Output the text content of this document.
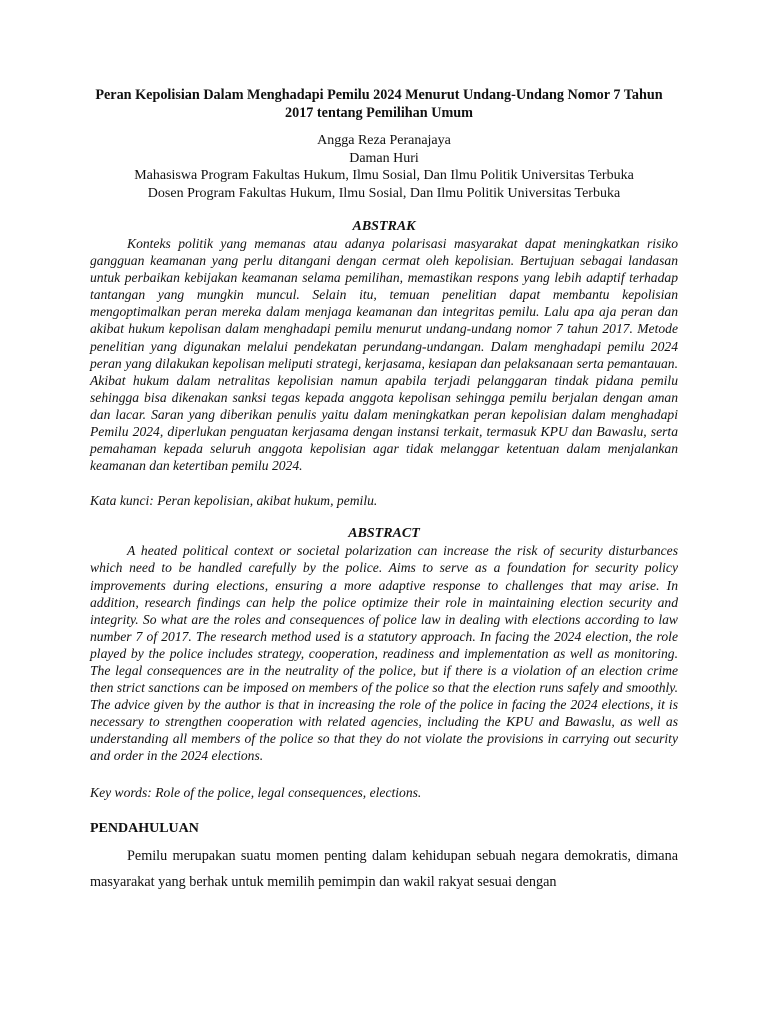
Peran Kepolisian Dalam Menghadapi Pemilu 2024 Menurut Undang-Undang Nomor 7 Tahun 2017 tentang Pemilihan Umum
Angga Reza Peranajaya
Daman Huri
Mahasiswa Program Fakultas Hukum, Ilmu Sosial, Dan Ilmu Politik Universitas Terbuka
Dosen Program Fakultas Hukum, Ilmu Sosial, Dan Ilmu Politik Universitas Terbuka
ABSTRAK

Konteks politik yang memanas atau adanya polarisasi masyarakat dapat meningkatkan risiko gangguan keamanan yang perlu ditangani dengan cermat oleh kepolisian. Bertujuan sebagai landasan untuk perbaikan kebijakan keamanan selama pemilihan, memastikan respons yang lebih adaptif terhadap tantangan yang mungkin muncul. Selain itu, temuan penelitian dapat membantu kepolisian mengoptimalkan peran mereka dalam menjaga keamanan dan integritas pemilu. Lalu apa aja peran dan akibat hukum kepolisan dalam menghadapi pemilu menurut undang-undang nomor 7 tahun 2017. Metode penelitian yang digunakan melalui pendekatan perundang-undangan. Dalam menghadapi pemilu 2024 peran yang dilakukan kepolisan meliputi strategi, kerjasama, kesiapan dan pelaksanaan serta pemantauan. Akibat hukum dalam netralitas kepolisian namun apabila terjadi pelanggaran tindak pidana pemilu sehingga bisa dikenakan sanksi tegas kepada anggota kepolisan sehingga pemilu berjalan dengan aman dan lacar. Saran yang diberikan penulis yaitu dalam meningkatkan peran kepolisian dalam menghadapi Pemilu 2024, diperlukan penguatan kerjasama dengan instansi terkait, termasuk KPU dan Bawaslu, serta pemahaman kepada seluruh anggota kepolisian agar tidak melanggar ketentuan dalam menjalankan keamanan dan ketertiban pemilu 2024.

Kata kunci: Peran kepolisian, akibat hukum, pemilu.

ABSTRACT

A heated political context or societal polarization can increase the risk of security disturbances which need to be handled carefully by the police. Aims to serve as a foundation for security policy improvements during elections, ensuring a more adaptive response to challenges that may arise. In addition, research findings can help the police optimize their role in maintaining election security and integrity. So what are the roles and consequences of police law in dealing with elections according to law number 7 of 2017. The research method used is a statutory approach. In facing the 2024 election, the role played by the police includes strategy, cooperation, readiness and implementation as well as monitoring. The legal consequences are in the neutrality of the police, but if there is a violation of an election crime then strict sanctions can be imposed on members of the police so that the election runs safely and smoothly. The advice given by the author is that in increasing the role of the police in facing the 2024 elections, it is necessary to strengthen cooperation with related agencies, including the KPU and Bawaslu, as well as understanding all members of the police so that they do not violate the provisions in carrying out security and order in the 2024 elections.

Key words: Role of the police, legal consequences, elections.

PENDAHULUAN

Pemilu merupakan suatu momen penting dalam kehidupan sebuah negara demokratis, dimana masyarakat yang berhak untuk memilih pemimpin dan wakil rakyat sesuai dengan
